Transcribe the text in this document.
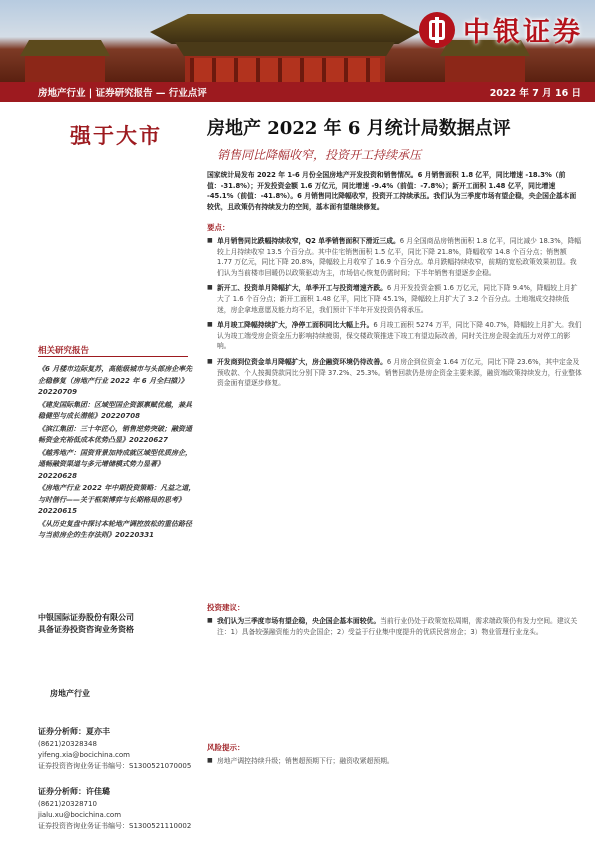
中银证券
房地产行业 | 证券研究报告 — 行业点评	2022 年 7 月 16 日
强于大市
相关研究报告
《6 月楼市边际复苏，高能级城市与头部房企率先企稳修复（房地产行业 2022 年 6 月全扫描）》20220709
《建发国际集团：区域型国企资源禀赋优越，兼具稳健型与成长潜能》20220708
《滨江集团：三十年匠心，销售逆势突破；融资通畅资金充裕低成本优势凸显》20220627
《越秀地产：国资背景加持成就区域型优质房企，通畅融资渠道与多元增储模式势力显著》20220628
《房地产行业 2022 年中期投资策略：凡益之道，与时偕行——关于框架博弈与长期格局的思考》20220615
《从历史复盘中探讨本轮地产调控放松的重估路径与当前房企的生存法则》20220331
中银国际证券股份有限公司
具备证券投资咨询业务资格
房地产行业
证券分析师：夏亦丰
(8621)20328348
yifeng.xia@bocichina.com
证券投资咨询业务证书编号：S1300521070005
证券分析师：许佳璐
(8621)20328710
jialu.xu@bocichina.com
证券投资咨询业务证书编号：S1300521110002
房地产 2022 年 6 月统计局数据点评
销售同比降幅收窄，投资开工持续承压
国家统计局发布 2022 年 1-6 月份全国房地产开发投资和销售情况。6 月销售面积 1.8 亿平，同比增速 -18.3%（前值：-31.8%）；开发投资金额 1.6 万亿元，同比增速 -9.4%（前值：-7.8%）；新开工面积 1.48 亿平，同比增速 -45.1%（前值：-41.8%）。6 月销售同比降幅收窄，投资开工持续承压。我们认为三季度市场有望企稳，央企国企基本面较优，且政策仍有持续发力的空间，基本面有望继续修复。
要点：
■ 单月销售同比跌幅持续收窄，Q2 单季销售面积下滑近三成。6 月全国商品房销售面积 1.8 亿平，同比减少 18.3%，降幅较上月持续收窄 13.5 个百分点。其中住宅销售面积 1.5 亿平，同比下降 21.8%，降幅收窄 14.8 个百分点；销售额 1.77 万亿元，同比下降 20.8%，降幅较上月收窄了 16.9 个百分点。单月跌幅持续收窄，前期的宽松政策效果初显。我们认为当前楼市回暖仍以政策驱动为主，市场信心恢复仍需时间；下半年销售有望逐步企稳。
■ 新开工、投资单月降幅扩大，单季开工与投资增速齐跌。6 月开发投资金额 1.6 万亿元，同比下降 9.4%，降幅较上月扩大了 1.6 个百分点；新开工面积 1.48 亿平，同比下降 45.1%，降幅较上月扩大了 3.2 个百分点。土地端成交持续低迷，房企拿地意愿及能力均不足，我们预计下半年开发投资仍将承压。
■ 单月竣工降幅持续扩大，净停工面积同比大幅上升。6 月竣工面积 5274 万平，同比下降 40.7%，降幅较上月扩大。我们认为竣工端受房企资金压力影响持续疲弱，保交楼政策推进下竣工有望边际改善，同时关注房企现金流压力对停工的影响。
■ 开发商到位资金单月降幅扩大，房企融资环境仍待改善。6 月房企到位资金 1.64 万亿元，同比下降 23.6%，其中定金及预收款、个人按揭贷款同比分别下降 37.2%、25.3%。销售回款仍是房企资金主要来源，融资端政策持续发力，行业整体资金面有望逐步修复。
投资建议：
■ 我们认为三季度市场有望企稳，央企国企基本面较优。当前行业仍处于政策宽松周期，需求端政策仍有发力空间。建议关注：1）具备较强融资能力的央企国企；2）受益于行业集中度提升的优质民营房企；3）物业管理行业龙头。
风险提示：
■ 房地产调控持续升级；销售超预期下行；融资收紧超预期。
